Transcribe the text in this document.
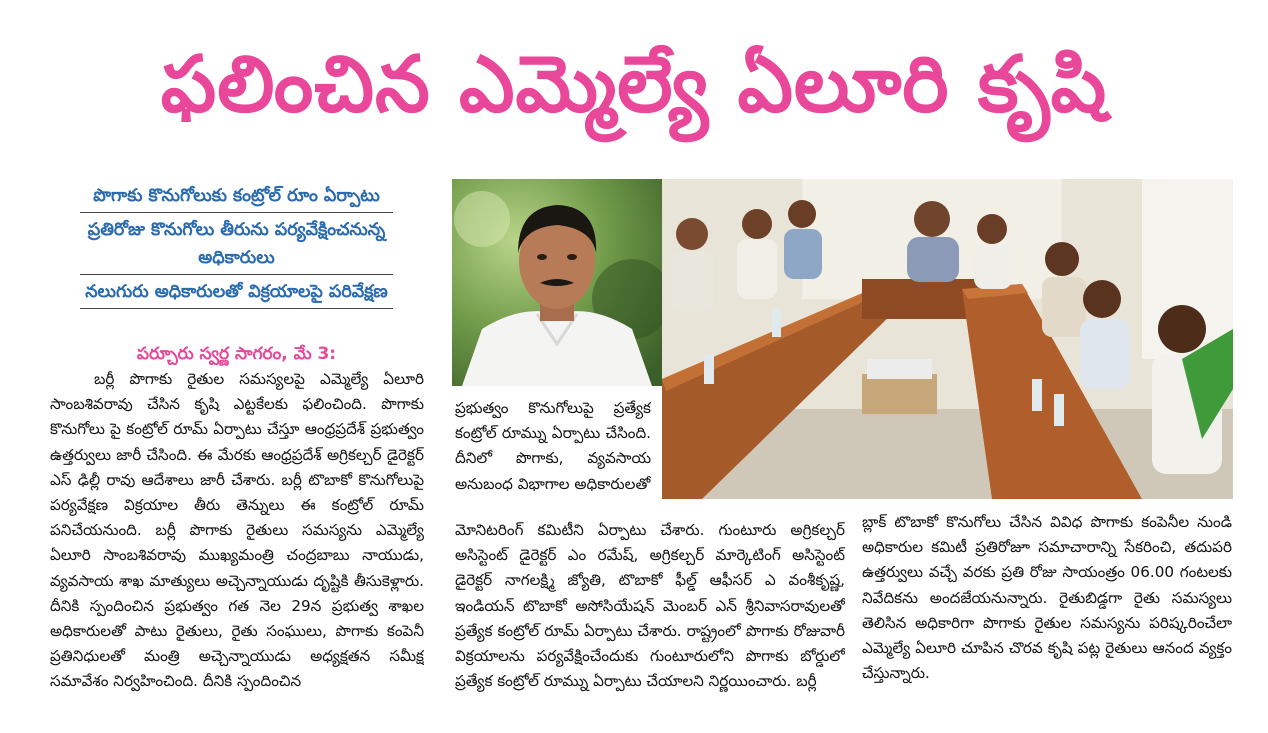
ఫలించిన ఎమ్మెల్యే ఏలూరి కృషి
పొగాకు కొనుగోలుకు కంట్రోల్ రూం ఏర్పాటు
ప్రతిరోజు కొనుగోలు తీరును పర్యవేక్షించనున్న అధికారులు
నలుగురు అధికారులతో విక్రయాలపై పరివేక్షణ
పర్చూరు స్వర్ణ సాగరం, మే 3:

బర్లీ పొగాకు రైతుల సమస్యలపై ఎమ్మెల్యే ఏలూరి సాంబశివరావు చేసిన కృషి ఎట్టకేలకు ఫలించింది. పొగాకు కొనుగోలు పై కంట్రోల్ రూమ్ ఏర్పాటు చేస్తూ ఆంధ్రప్రదేశ్ ప్రభుత్వం ఉత్తర్వులు జారీ చేసింది. ఈ మేరకు ఆంధ్రప్రదేశ్ అగ్రికల్చర్ డైరెక్టర్ ఎస్ ఢిల్లీ రావు ఆదేశాలు జారీ చేశారు. బర్లీ టొబాకో కొనుగోలుపై పర్యవేక్షణ విక్రయాల తీరు తెన్నులు ఈ కంట్రోల్ రూమ్ పనిచేయనుంది. బర్లీ పొగాకు రైతులు సమస్యను ఎమ్మెల్యే ఏలూరి సాంబశివరావు ముఖ్యమంత్రి చంద్రబాబు నాయుడు, వ్యవసాయ శాఖ మాత్యులు అచ్చెన్నాయుడు దృష్టికి తీసుకెళ్లారు. దీనికి స్పందించిన ప్రభుత్వం గత నెల 29న ప్రభుత్వ శాఖల అధికారులతో పాటు రైతులు, రైతు సంఘులు, పొగాకు కంపెనీ ప్రతినిధులతో మంత్రి అచ్చెన్నాయుడు అధ్యక్షతన సమీక్ష సమావేశం నిర్వహించింది. దీనికి స్పందించిన

ప్రభుత్వం కొనుగోలుపై ప్రత్యేక కంట్రోల్ రూమ్ను ఏర్పాటు చేసింది. దీనిలో పొగాకు, వ్యవసాయ అనుబంధ విభాగాల అధికారులతో

మోనిటరింగ్ కమిటీని ఏర్పాటు చేశారు. గుంటూరు అగ్రికల్చర్ అసిస్టెంట్ డైరెక్టర్ ఎం రమేష్, అగ్రికల్చర్ మార్కెటింగ్ అసిస్టెంట్ డైరెక్టర్ నాగలక్ష్మి జ్యోతి, టొబాకో ఫీల్డ్ ఆఫీసర్ ఎ వంశీకృష్ణ, ఇండియన్ టొబాకో అసోసియేషన్ మెంబర్ ఎన్ శ్రీనివాసరావులతో ప్రత్యేక కంట్రోల్ రూమ్ ఏర్పాటు చేశారు. రాష్ట్రంలో పొగాకు రోజువారీ విక్రయాలను పర్యవేక్షించేందుకు గుంటూరులోని పొగాకు బోర్డులో ప్రత్యేక కంట్రోల్ రూమ్ను ఏర్పాటు చేయాలని నిర్ణయించారు. బర్లీ

బ్లాక్ టొబాకో కొనుగోలు చేసిన వివిధ పొగాకు కంపెనీల నుండి అధికారుల కమిటీ ప్రతిరోజూ సమాచారాన్ని సేకరించి, తదుపరి ఉత్తర్వులు వచ్చే వరకు ప్రతి రోజు సాయంత్రం 06.00 గంటలకు నివేదికను అందజేయనున్నారు. రైతుబిడ్డగా రైతు సమస్యలు తెలిసిన అధికారిగా పొగాకు రైతుల సమస్యను పరిష్కరించేలా ఎమ్మెల్యే ఏలూరి చూపిన చొరవ కృషి పట్ల రైతులు ఆనంద వ్యక్తం చేస్తున్నారు.
